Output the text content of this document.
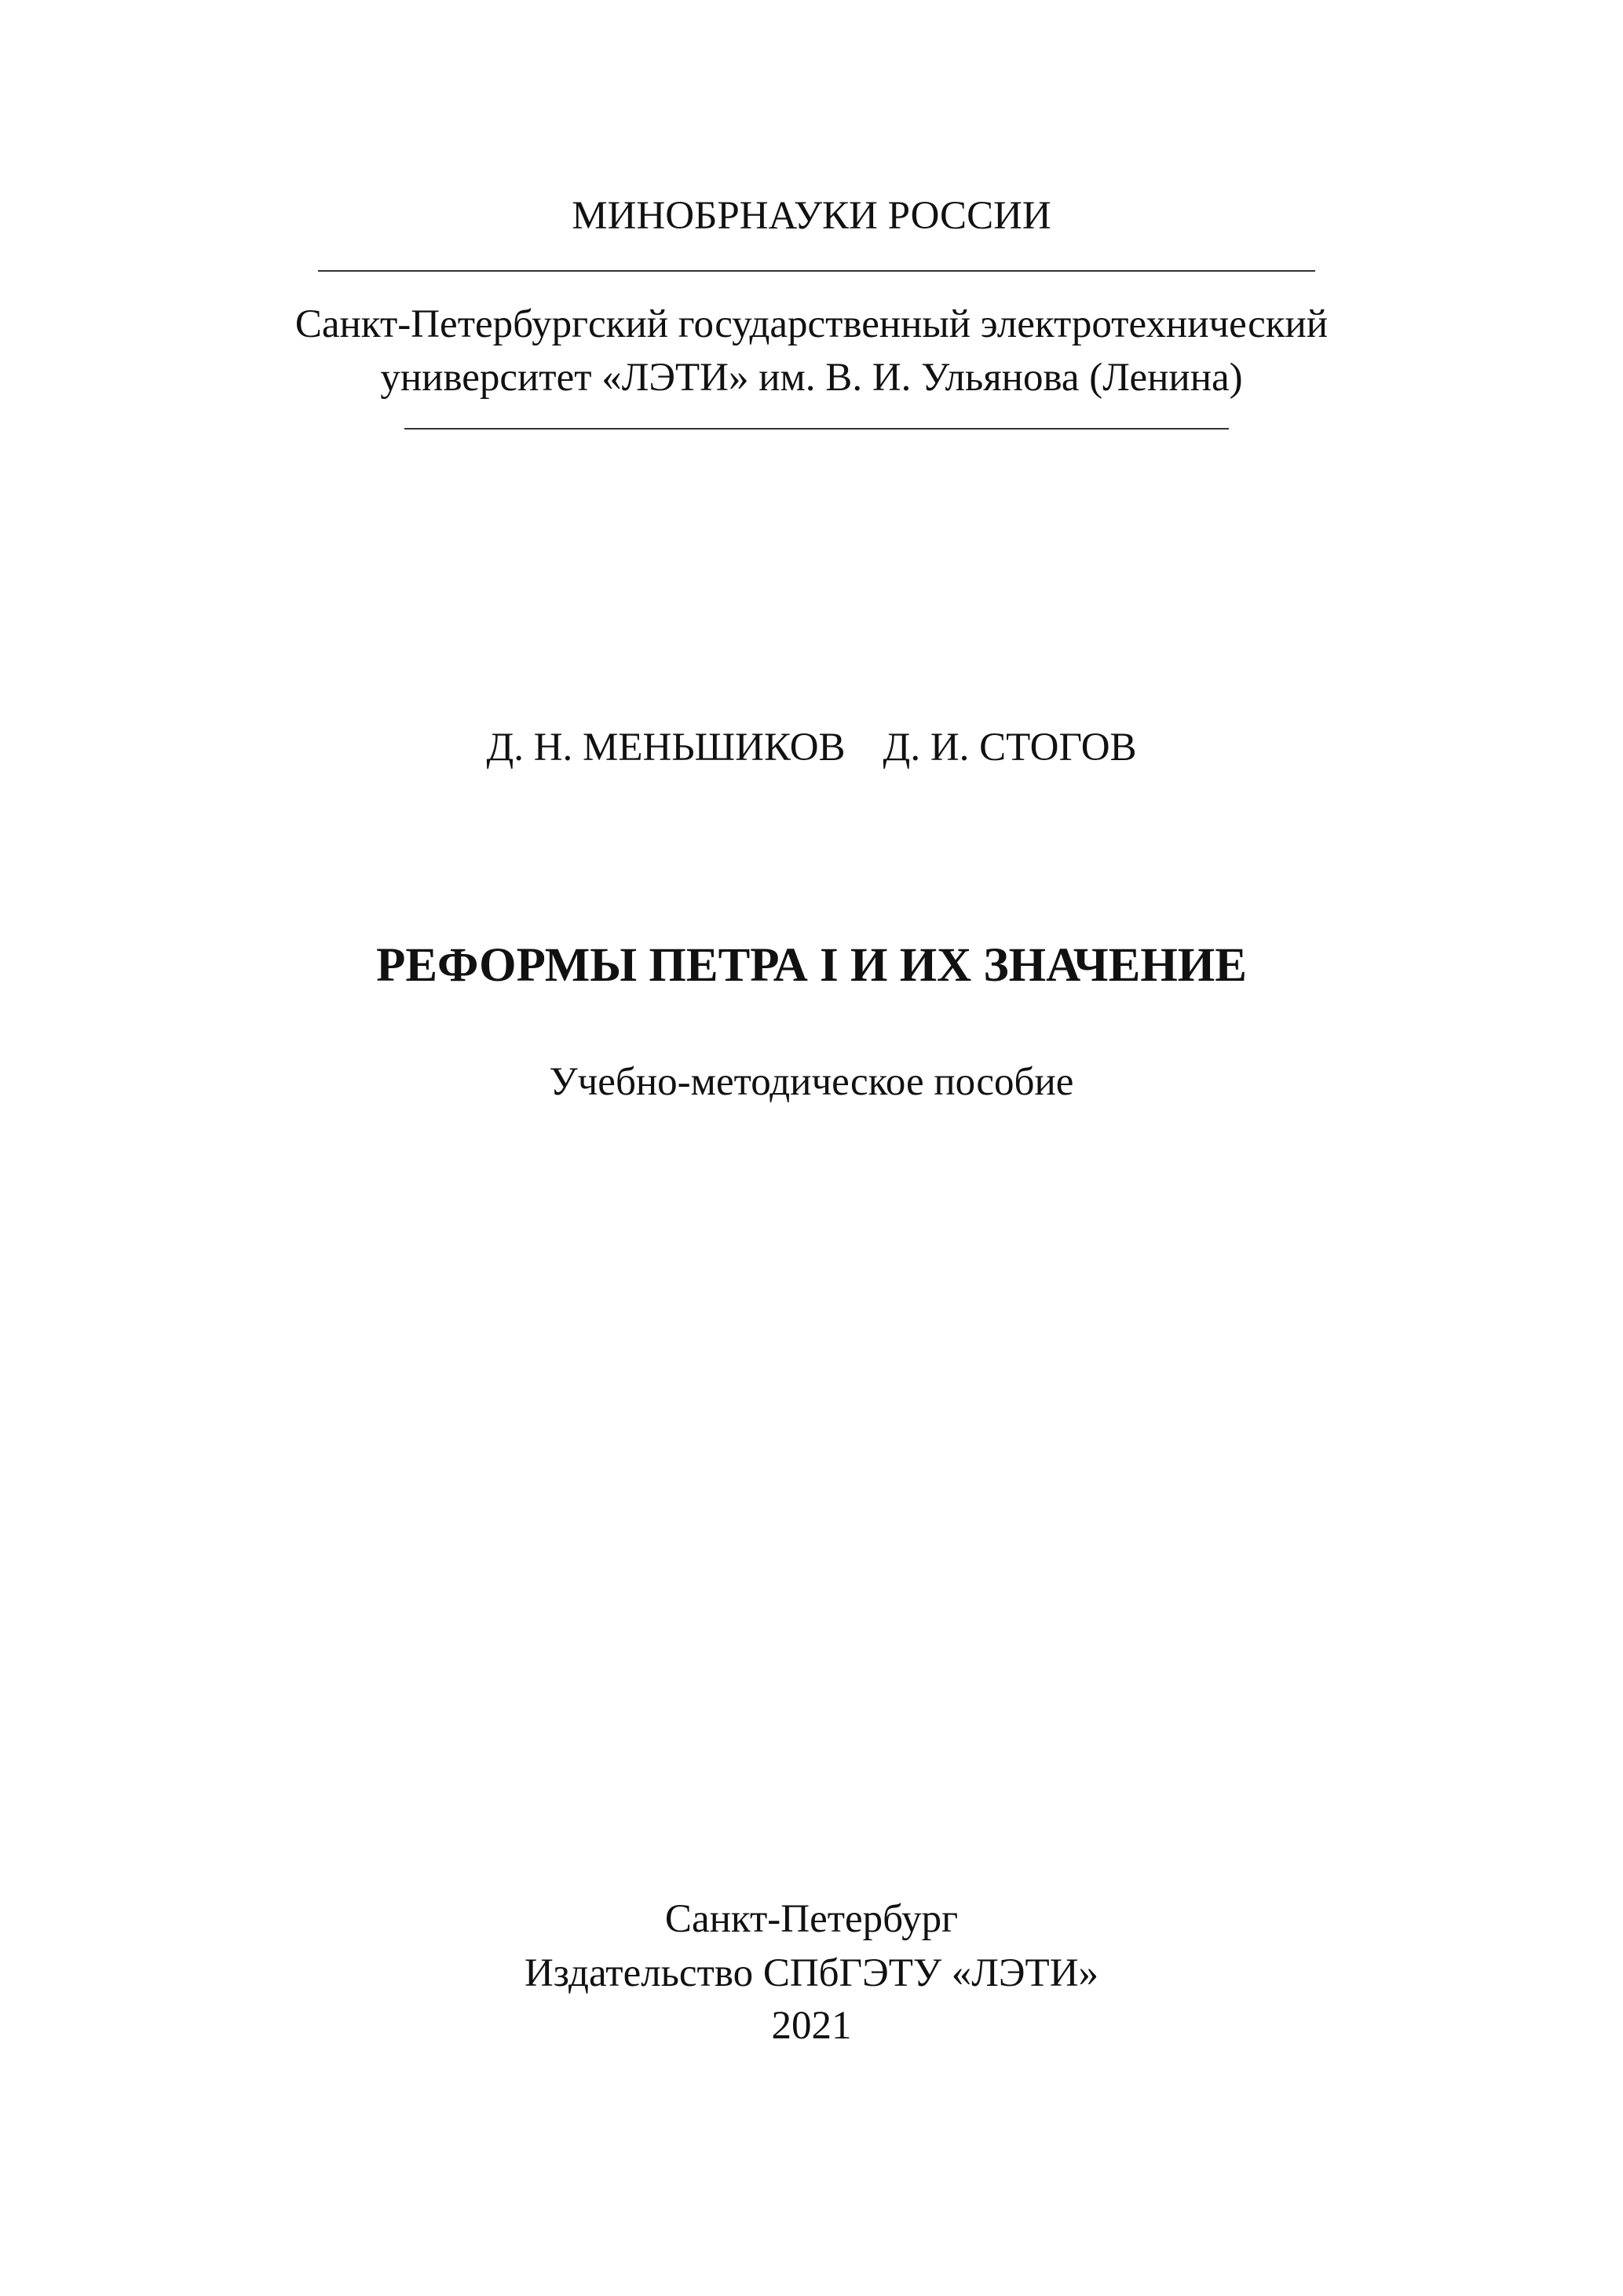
МИНОБРНАУКИ РОССИИ
Санкт-Петербургский государственный электротехнический
университет «ЛЭТИ» им. В. И. Ульянова (Ленина)
Д. Н. МЕНЬШИКОВ Д. И. СТОГОВ
РЕФОРМЫ ПЕТРА I И ИХ ЗНАЧЕНИЕ
Учебно-методическое пособие
Санкт-Петербург
Издательство СПбГЭТУ «ЛЭТИ»
2021
